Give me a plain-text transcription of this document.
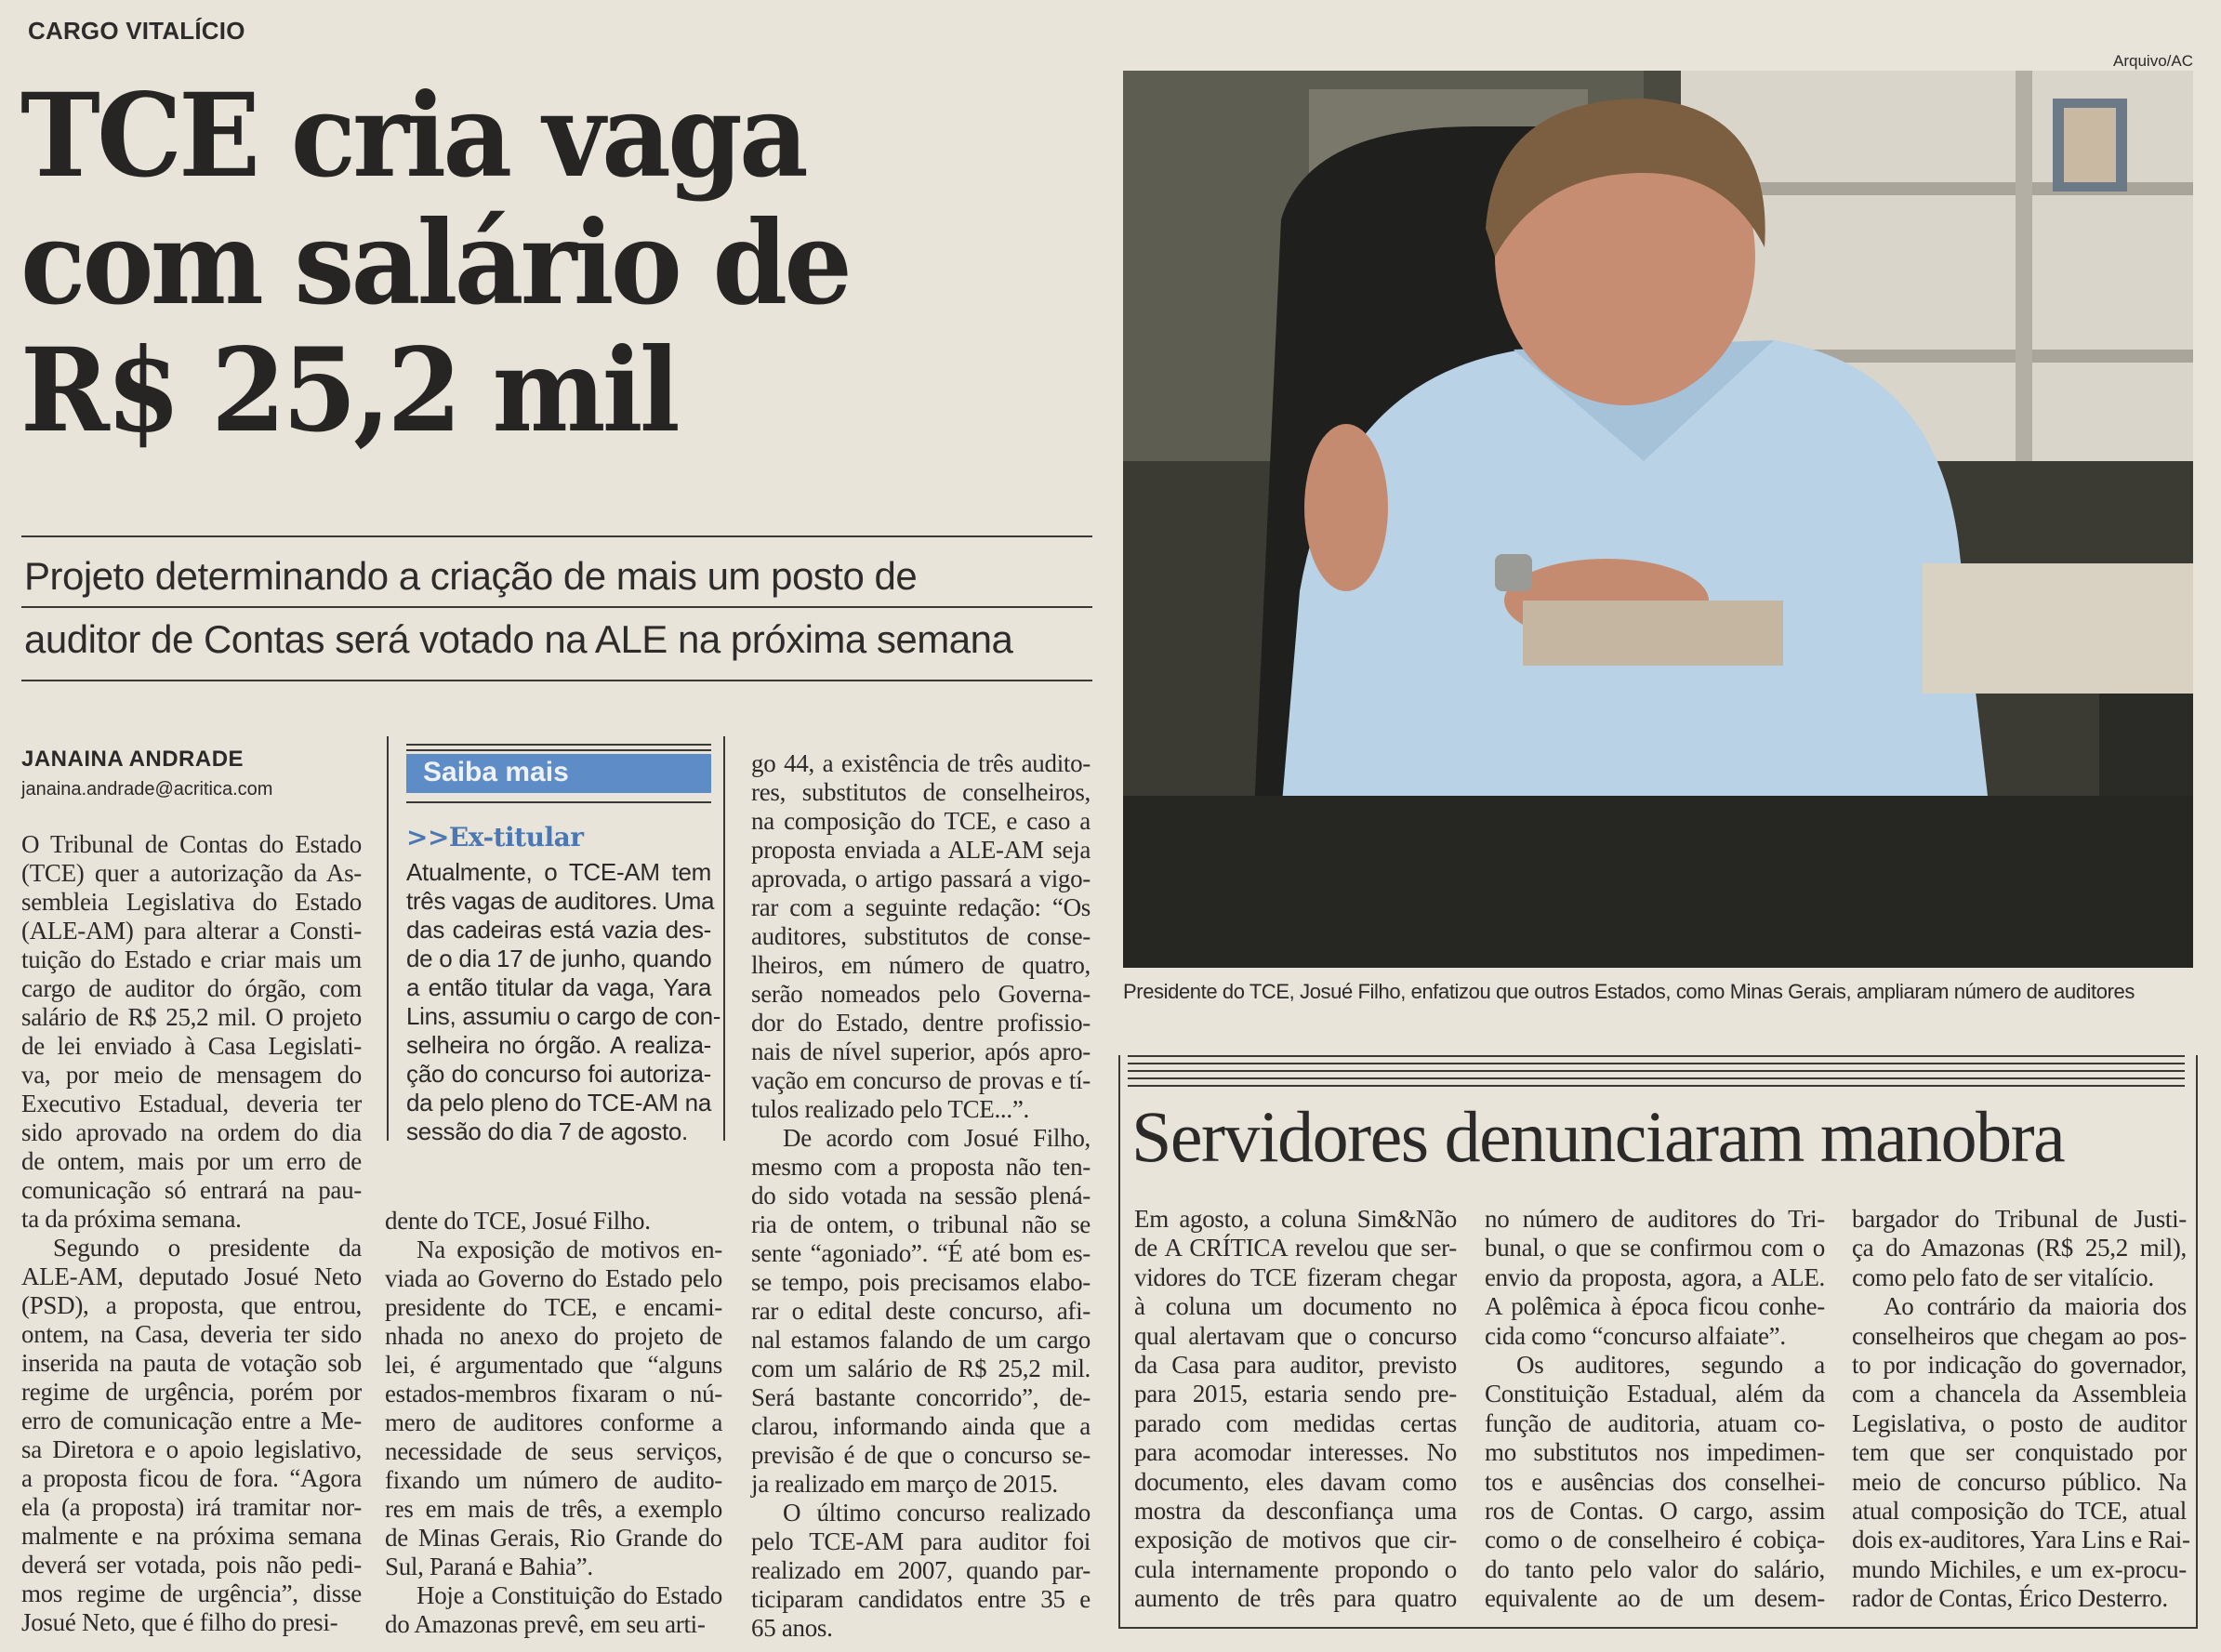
CARGO VITALÍCIO
TCE cria vaga
com salário de
R$ 25,2 mil
Projeto determinando a criação de mais um posto de
auditor de Contas será votado na ALE na próxima semana
JANAINA ANDRADE
janaina.andrade@acritica.com
O Tribunal de Contas do Estado
(TCE) quer a autorização da As-
sembleia Legislativa do Estado
(ALE-AM) para alterar a Consti-
tuição do Estado e criar mais um
cargo de auditor do órgão, com
salário de R$ 25,2 mil. O projeto
de lei enviado à Casa Legislati-
va, por meio de mensagem do
Executivo Estadual, deveria ter
sido aprovado na ordem do dia
de ontem, mais por um erro de
comunicação só entrará na pau-
ta da próxima semana.
Segundo o presidente da
ALE-AM, deputado Josué Neto
(PSD), a proposta, que entrou,
ontem, na Casa, deveria ter sido
inserida na pauta de votação sob
regime de urgência, porém por
erro de comunicação entre a Me-
sa Diretora e o apoio legislativo,
a proposta ficou de fora. “Agora
ela (a proposta) irá tramitar nor-
malmente e na próxima semana
deverá ser votada, pois não pedi-
mos regime de urgência”, disse
Josué Neto, que é filho do presi-
Saiba mais
>>Ex-titular
Atualmente, o TCE-AM tem
três vagas de auditores. Uma
das cadeiras está vazia des-
de o dia 17 de junho, quando
a então titular da vaga, Yara
Lins, assumiu o cargo de con-
selheira no órgão. A realiza-
ção do concurso foi autoriza-
da pelo pleno do TCE-AM na
sessão do dia 7 de agosto.
dente do TCE, Josué Filho.
Na exposição de motivos en-
viada ao Governo do Estado pelo
presidente do TCE, e encami-
nhada no anexo do projeto de
lei, é argumentado que “alguns
estados-membros fixaram o nú-
mero de auditores conforme a
necessidade de seus serviços,
fixando um número de audito-
res em mais de três, a exemplo
de Minas Gerais, Rio Grande do
Sul, Paraná e Bahia”.
Hoje a Constituição do Estado
do Amazonas prevê, em seu arti-
go 44, a existência de três audito-
res, substitutos de conselheiros,
na composição do TCE, e caso a
proposta enviada a ALE-AM seja
aprovada, o artigo passará a vigo-
rar com a seguinte redação: “Os
auditores, substitutos de conse-
lheiros, em número de quatro,
serão nomeados pelo Governa-
dor do Estado, dentre profissio-
nais de nível superior, após apro-
vação em concurso de provas e tí-
tulos realizado pelo TCE...”.
De acordo com Josué Filho,
mesmo com a proposta não ten-
do sido votada na sessão plená-
ria de ontem, o tribunal não se
sente “agoniado”. “É até bom es-
se tempo, pois precisamos elabo-
rar o edital deste concurso, afi-
nal estamos falando de um cargo
com um salário de R$ 25,2 mil.
Será bastante concorrido”, de-
clarou, informando ainda que a
previsão é de que o concurso se-
ja realizado em março de 2015.
O último concurso realizado
pelo TCE-AM para auditor foi
realizado em 2007, quando par-
ticiparam candidatos entre 35 e
65 anos.
Arquivo/AC
Presidente do TCE, Josué Filho, enfatizou que outros Estados, como Minas Gerais, ampliaram número de auditores
Servidores denunciaram manobra
Em agosto, a coluna Sim&Não
de A CRÍTICA revelou que ser-
vidores do TCE fizeram chegar
à coluna um documento no
qual alertavam que o concurso
da Casa para auditor, previsto
para 2015, estaria sendo pre-
parado com medidas certas
para acomodar interesses. No
documento, eles davam como
mostra da desconfiança uma
exposição de motivos que cir-
cula internamente propondo o
aumento de três para quatro
no número de auditores do Tri-
bunal, o que se confirmou com o
envio da proposta, agora, a ALE.
A polêmica à época ficou conhe-
cida como “concurso alfaiate”.
Os auditores, segundo a
Constituição Estadual, além da
função de auditoria, atuam co-
mo substitutos nos impedimen-
tos e ausências dos conselhei-
ros de Contas. O cargo, assim
como o de conselheiro é cobiça-
do tanto pelo valor do salário,
equivalente ao de um desem-
bargador do Tribunal de Justi-
ça do Amazonas (R$ 25,2 mil),
como pelo fato de ser vitalício.
Ao contrário da maioria dos
conselheiros que chegam ao pos-
to por indicação do governador,
com a chancela da Assembleia
Legislativa, o posto de auditor
tem que ser conquistado por
meio de concurso público. Na
atual composição do TCE, atual
dois ex-auditores, Yara Lins e Rai-
mundo Michiles, e um ex-procu-
rador de Contas, Érico Desterro.
